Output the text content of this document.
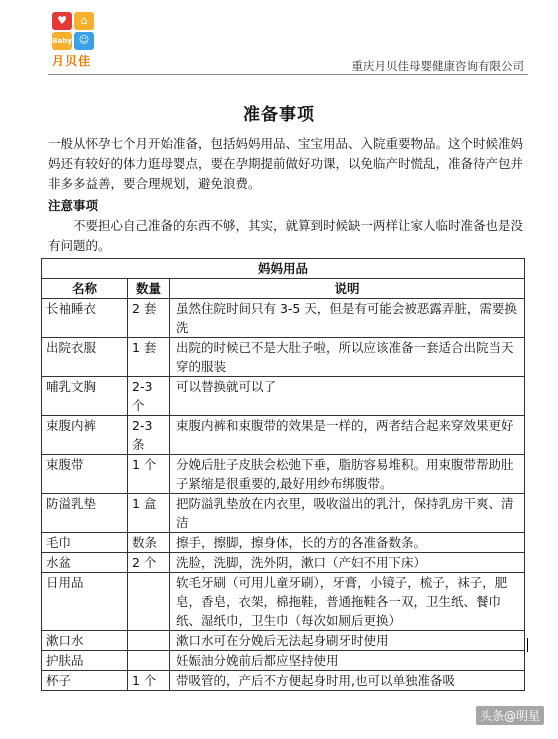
♥	⌂
Baby ☺
月贝佳	重庆月贝佳母婴健康咨询有限公司
准备事项

一般从怀孕七个月开始准备，包括妈妈用品、宝宝用品、入院重要物品。这个时候准妈妈还有较好的体力逛母婴点，要在孕期提前做好功课，以免临产时慌乱，准备待产包并非多多益善，要合理规划，避免浪费。

注意事项
不要担心自己准备的东西不够，其实，就算到时候缺一两样让家人临时准备也是没有问题的。
妈妈用品		
名称	数量	说明
长袖睡衣	2 套	虽然住院时间只有 3-5 天，但是有可能会被恶露弄脏，需要换洗
出院衣服	1 套	出院的时候已不是大肚子啦，所以应该准备一套适合出院当天穿的服装
哺乳文胸	2-3 个	可以替换就可以了
束腹内裤	2-3 条	束腹内裤和束腹带的效果是一样的，两者结合起来穿效果更好
束腹带	1 个	分娩后肚子皮肤会松弛下垂，脂肪容易堆积。用束腹带帮助肚子紧缩是很重要的,最好用纱布绑腹带。
防溢乳垫	1 盒	把防溢乳垫放在内衣里，吸收溢出的乳汁，保持乳房干爽、清洁
毛巾	数条	擦手，擦脚，擦身体，长的方的各准备数条。
水盆	2 个	洗脸，洗脚，洗外阴，漱口（产妇不用下床）
日用品		软毛牙刷（可用儿童牙刷），牙膏，小镜子，梳子，袜子，肥皂，香皂，衣架，棉拖鞋，普通拖鞋各一双，卫生纸、餐巾纸、湿纸巾，卫生巾（每次如厕后更换）
漱口水		漱口水可在分娩后无法起身刷牙时使用
护肤品		妊娠油分娩前后都应坚持使用
杯子	1 个	带吸管的，产后不方便起身时用,也可以单独准备吸
头条@明星
